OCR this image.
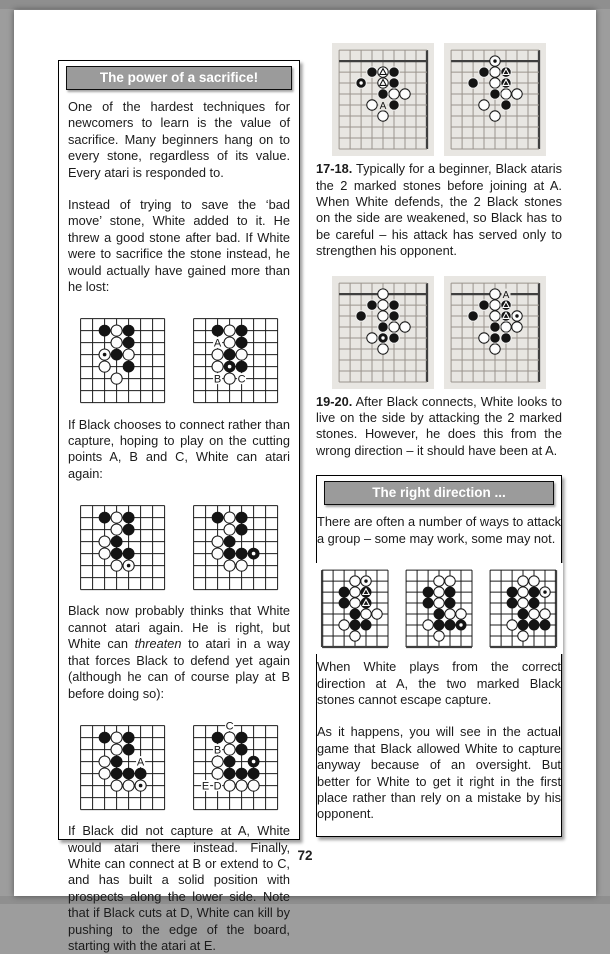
The power of a sacrifice!

One of the hardest techniques for newcomers to learn is the value of sacrifice. Many beginners hang on to every stone, regardless of its value. Every atari is responded to.

Instead of trying to save the ‘bad move’ stone, White added to it. He threw a good stone after bad. If White were to sacrifice the stone instead, he would actually have gained more than he lost:

A
B C

If Black chooses to connect rather than capture, hoping to play on the cutting points A, B and C, White can atari again:

Black now probably thinks that White cannot atari again. He is right, but White can threaten to atari in a way that forces Black to defend yet again (although he can of course play at B before doing so):

A
C
B
E D

If Black did not capture at A, White would atari there instead. Finally, White can connect at B or extend to C, and has built a solid position with prospects along the lower side. Note that if Black cuts at D, White can kill by pushing to the edge of the board, starting with the atari at E.

A

17-18. Typically for a beginner, Black ataris the 2 marked stones before joining at A. When White defends, the 2 Black stones on the side are weakened, so Black has to be careful – his attack has served only to strengthen his opponent.

A

19-20. After Black connects, White looks to live on the side by attacking the 2 marked stones. However, he does this from the wrong direction – it should have been at A.

The right direction ...

There are often a number of ways to attack a group – some may work, some may not.

When White plays from the correct direction at A, the two marked Black stones cannot escape capture.

As it happens, you will see in the actual game that Black allowed White to capture anyway because of an oversight. But better for White to get it right in the first place rather than rely on a mistake by his opponent.

72
